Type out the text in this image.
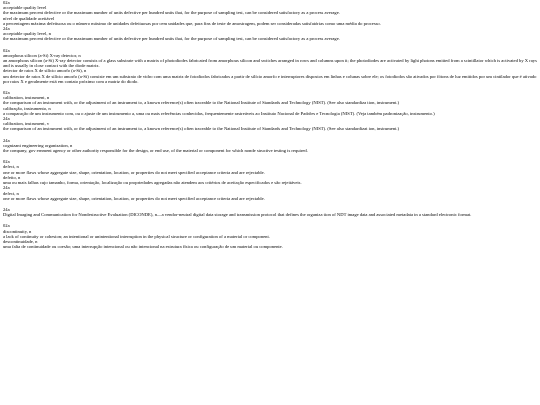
02a

acceptable quality level

the maximum percent defective or the maximum number of units defective per hundred units that, for the purpose of sampling test, can be considered satisfactory as a process average.

nível de qualidade aceitável

a percentagem máxima defeituosa ou o número máximo de unidades defeituosas por cem unidades que, para fins de teste de amostragem, podem ser consideradas satisfatórias como uma média do processo.

24a

acceptable quality level, n

the maximum percent defective or the maximum number of units defective per hundred units that, for the purpose of sampling test, can be considered satisfactory as a process average.

02a

amorphous silicon (a-Si) X-ray detector, n

an amorphous silicon (a-Si) X-ray detector consists of a glass substrate with a matrix of photodiodes fabricated from amorphous silicon and switches arranged in rows and columns upon it; the photodiodes are activated by light photons emitted from a scintillator which is activated by X rays and is usually in close contact with the diode matrix.

detector de raios X de silício amorfo (a-Si), n

um detector de raios X de silício amorfo (a-Si) consiste em um substrato de vidro com uma matriz de fotodiodos fabricados a partir de silício amorfo e interruptores dispostos em linhas e colunas sobre ele; os fotodiodos são ativados por fótons de luz emitidos por um cintilador que é ativado por raios X e geralmente está em contato próximo com a matriz do diodo.

02a

calibration, instrument, n

the comparison of an instrument with, or the adjustment of an instrument to, a known reference(s) often traceable to the National Institute of Standards and Technology (NIST). (See also standardiza tion, instrument.)

calibração, instrumento, n

a comparação de um instrumento com, ou o ajuste de um instrumento a, uma ou mais referências conhecidas, frequentemente rastreáveis ao Instituto Nacional de Padrões e Tecnologia (NIST). (Veja também padronização, instrumento.)

24a

calibration, instrument, v

the comparison of an instrument with, or the adjustment of an instrument to, a known reference(s) often traceable to the National Institute of Standards and Technology (NIST). (See also standardizat ion, instrument.)

24a

cognizant engineering organization, n

the company, gov ernment agency or other authority responsible for the design, or end use, of the material or component for which nonde structive testing is required.

02a

defect, n

one or more flaws whose aggregate size, shape, orientation, location, or properties do not meet specified acceptance criteria and are rejectable.

defeito, n

uma ou mais falhas cujo tamanho, forma, orientação, localização ou propriedades agregadas não atendem aos critérios de aceitação especificados e são rejeitáveis.

24a

defect, n

one or more flaws whose aggregate size, shape, orientation, location, or properties do not meet specified acceptance criteria and are rejectable.

24a

Digital Imaging and Communication for Nondestructive Evaluation (DICONDE), n—a vendor-neutral digital data storage and transmission protocol that defines the organiza tion of NDT image data and associated metadata in a standard electronic format.

02a

discontinuity, n

a lack of continuity or cohesion; an intentional or unintentional interruption in the physical structure or configuration of a material or component.

descontinuidade, n

uma falta de continuidade ou coesão; uma interrupção intencional ou não intencional na estrutura física ou configuração de um material ou componente.
